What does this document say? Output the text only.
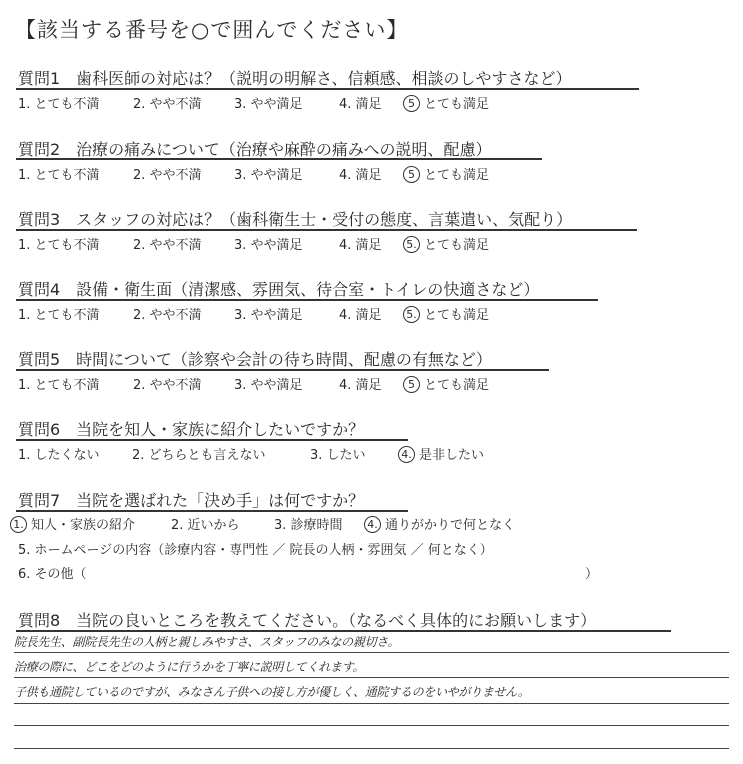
【該当する番号を○で囲んでください】
質問1　歯科医師の対応は？（説明の明解さ、信頼感、相談のしやすさなど）
1. とても不満	2. やや不満 3. やや満足	4. 満足 5 とても満足
質問2　治療の痛みについて（治療や麻酔の痛みへの説明、配慮）
1. とても不満	2. やや不満 3. やや満足	4. 満足 5 とても満足
質問3　スタッフの対応は？（歯科衛生士・受付の態度、言葉遣い、気配り）
1. とても不満	2. やや不満 3. やや満足	4. 満足 5. とても満足
質問4　設備・衛生面（清潔感、雰囲気、待合室・トイレの快適さなど）
1. とても不満	2. やや不満 3. やや満足	4. 満足 5. とても満足
質問5　時間について（診察や会計の待ち時間、配慮の有無など）
1. とても不満	2. やや不満 3. やや満足	4. 満足 5 とても満足
質問6　当院を知人・家族に紹介したいですか？
1. したくない 2. どちらとも言えない	3. したい	4. 是非したい
質問7　当院を選ばれた「決め手」は何ですか？
1. 知人・家族の紹介	2. 近いから	3. 診療時間 4. 通りがかりで何となく
5. ホームページの内容（診療内容・専門性 ／ 院長の人柄・雰囲気 ／ 何となく）
6. その他（	）
質問8　当院の良いところを教えてください。（なるべく具体的にお願いします）
院長先生、副院長先生の人柄と親しみやすさ、スタッフのみなの親切さ。
治療の際に、どこをどのように行うかを丁寧に説明してくれます。
子供も通院しているのですが、みなさん子供への接し方が優しく、通院するのをいやがりません。
